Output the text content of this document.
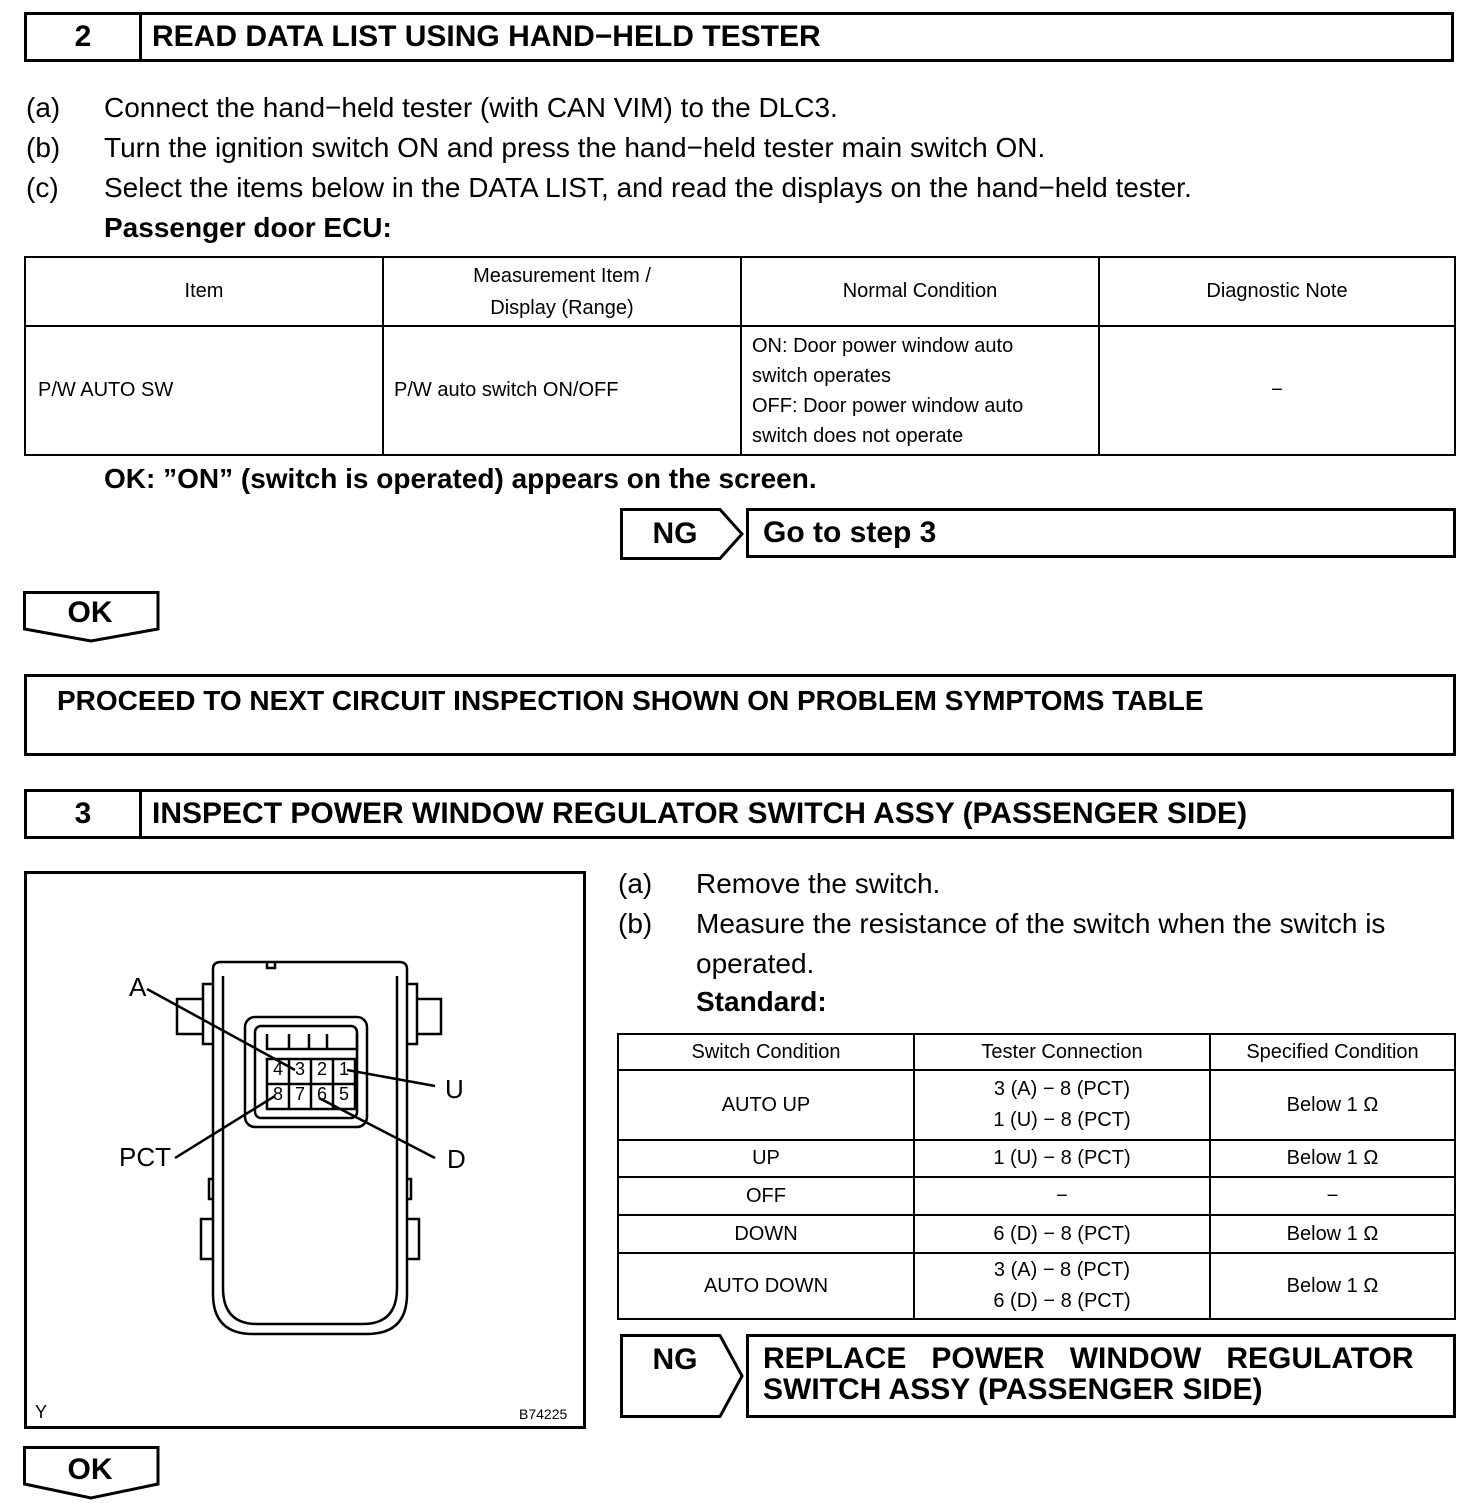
2	READ DATA LIST USING HAND−HELD TESTER
(a) Connect the hand−held tester (with CAN VIM) to the DLC3.
(b) Turn the ignition switch ON and press the hand−held tester main switch ON.
(c) Select the items below in the DATA LIST, and read the displays on the hand−held tester.
Passenger door ECU:
Item	Measurement Item /
Display (Range)	Normal Condition	Diagnostic Note
P/W AUTO SW	P/W auto switch ON/OFF	ON: Door power window auto
switch operates
OFF: Door power window auto
switch does not operate	−
OK: ”ON” (switch is operated) appears on the screen.
NG	Go to step 3
OK
PROCEED TO NEXT CIRCUIT INSPECTION SHOWN ON PROBLEM SYMPTOMS TABLE
3	INSPECT POWER WINDOW REGULATOR SWITCH ASSY (PASSENGER SIDE)
4 3 2 1
8 7 6 5
A
U
PCT	D
Y	B74225
(a) Remove the switch.
(b) Measure the resistance of the switch when the switch is
operated.
Standard:
Switch Condition	Tester Connection	Specified Condition
AUTO UP	3 (A) − 8 (PCT)
1 (U) − 8 (PCT)	Below 1 Ω
UP	1 (U) − 8 (PCT)	Below 1 Ω
OFF	−	−
DOWN	6 (D) − 8 (PCT)	Below 1 Ω
AUTO DOWN	3 (A) − 8 (PCT)
6 (D) − 8 (PCT)	Below 1 Ω
NG	REPLACE   POWER   WINDOW   REGULATOR
SWITCH ASSY (PASSENGER SIDE)
OK
